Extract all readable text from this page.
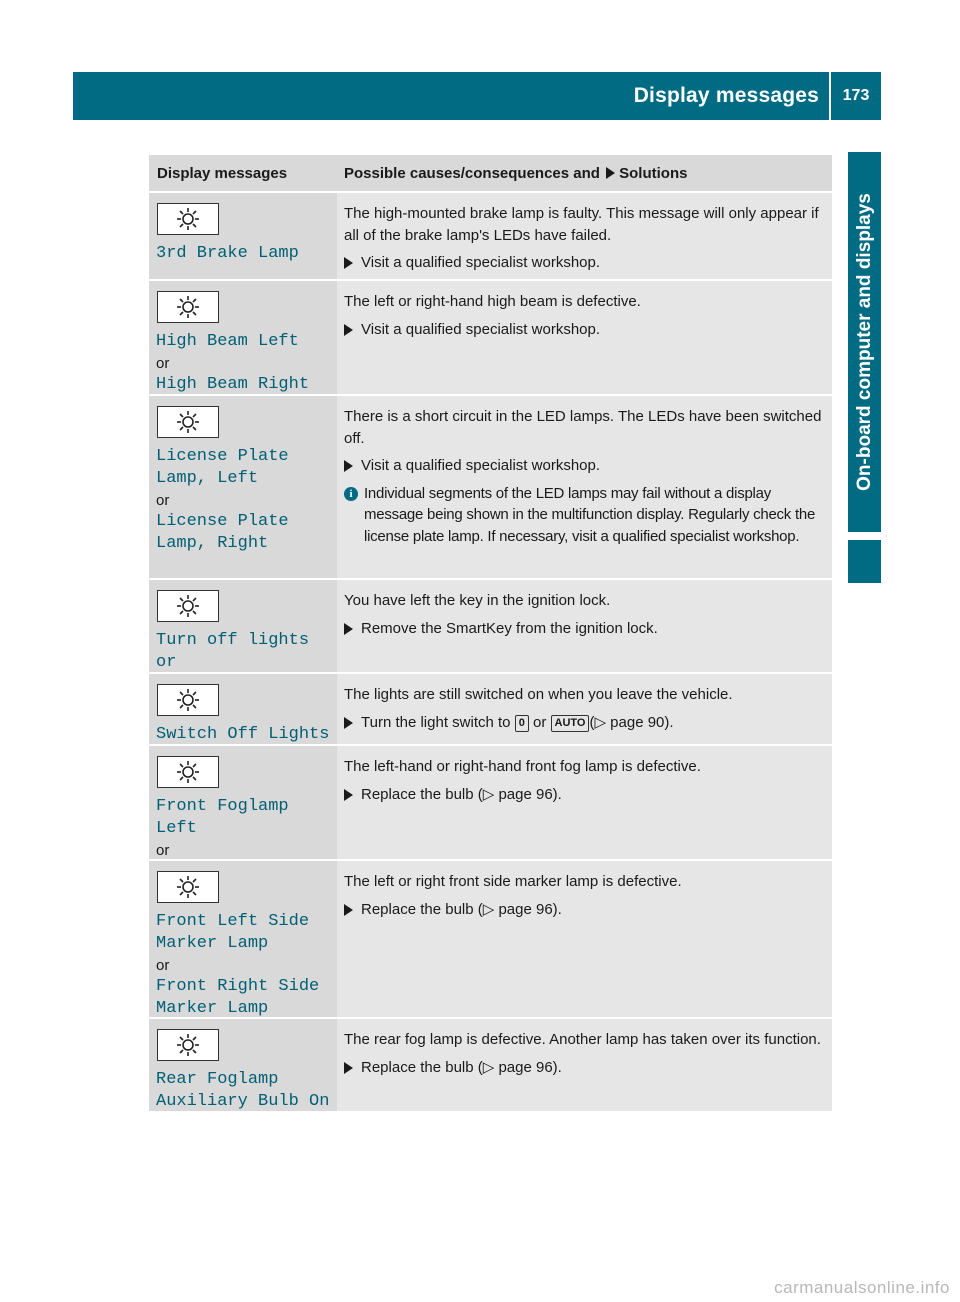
Display messages	173
On-board computer and displays
Display messages	Possible causes/consequences and Solutions
3rd Brake Lamp

The high-mounted brake lamp is faulty. This message will only appear if all of the brake lamp's LEDs have failed.

Visit a qualified specialist workshop.
High Beam Left
or
High Beam Right

The left or right-hand high beam is defective.

Visit a qualified specialist workshop.
License Plate
Lamp, Left
or
License Plate
Lamp, Right

There is a short circuit in the LED lamps. The LEDs have been switched off.

Visit a qualified specialist workshop.
i Individual segments of the LED lamps may fail without a display message being shown in the multifunction display. Regularly check the license plate lamp. If necessary, visit a qualified specialist workshop.
Turn off lights or

You have left the key in the ignition lock.

Remove the SmartKey from the ignition lock.
Switch Off Lights

The lights are still switched on when you leave the vehicle.

Turn the light switch to 0 or AUTO (▷ page 90).
Front Foglamp Left
or

The left-hand or right-hand front fog lamp is defective.

Replace the bulb (▷ page 96).
Front Left Side
Marker Lamp
or
Front Right Side
Marker Lamp

The left or right front side marker lamp is defective.

Replace the bulb (▷ page 96).
Rear Foglamp
Auxiliary Bulb On

The rear fog lamp is defective. Another lamp has taken over its function.

Replace the bulb (▷ page 96).
carmanualsonline.info
